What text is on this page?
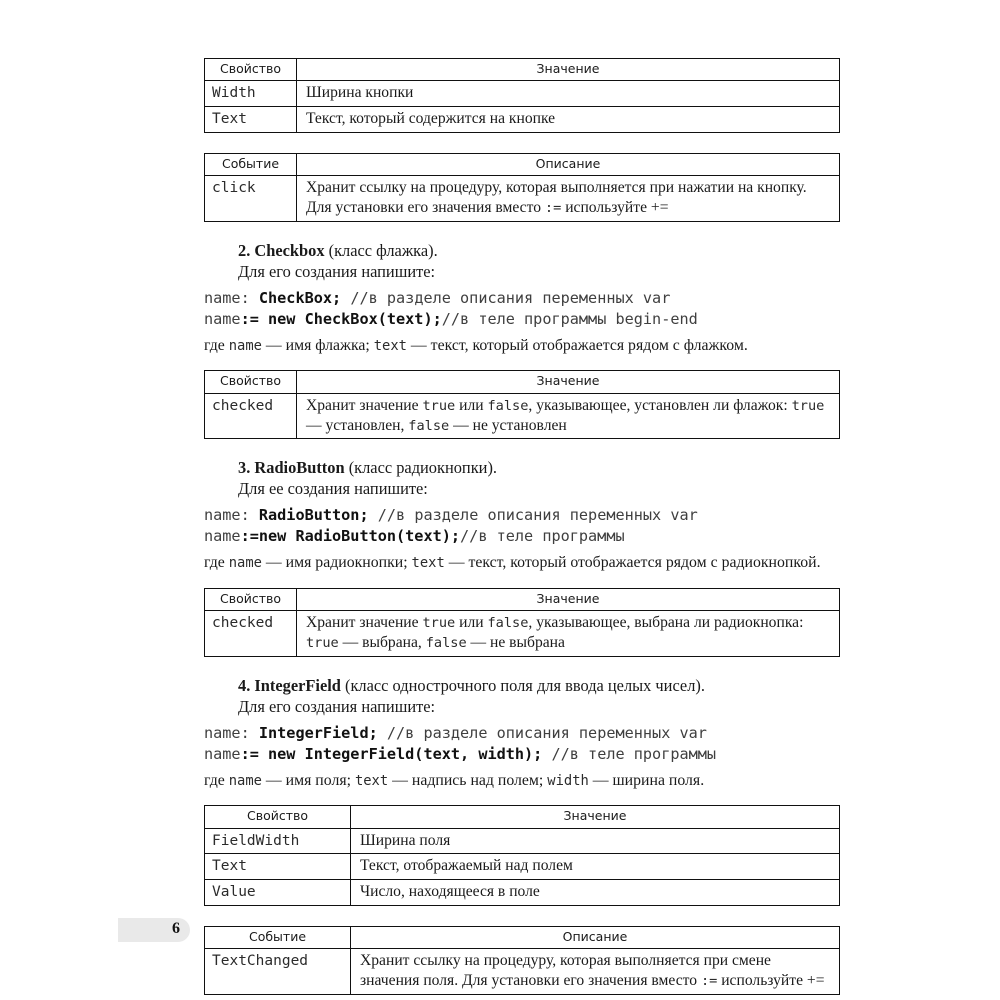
Свойство	Значение
Width	Ширина кнопки
Text	Текст, который содержится на кнопке
Событие	Описание
click	Хранит ссылку на процедуру, которая выполняется при нажатии на кнопку. Для установки его значения вместо := используйте +=

2. Checkbox (класс флажка).

Для его создания напишите:

name: CheckBox; //в разделе описания переменных var

name:= new CheckBox(text);//в теле программы begin-end

где name — имя флажка; text — текст, который отображается рядом с флажком.

Свойство	Значение
checked	Хранит значение true или false, указывающее, установлен ли флажок: true — установлен, false — не установлен

3. RadioButton (класс радиокнопки).

Для ее создания напишите:

name: RadioButton; //в разделе описания переменных var

name:=new RadioButton(text);//в теле программы

где name — имя радиокнопки; text — текст, который отображается рядом с радиокнопкой.

Свойство	Значение
checked	Хранит значение true или false, указывающее, выбрана ли радиокнопка: true — выбрана, false — не выбрана

4. IntegerField (класс однострочного поля для ввода целых чисел).

Для его создания напишите:

name: IntegerField; //в разделе описания переменных var

name:= new IntegerField(text, width); //в теле программы

где name — имя поля; text — надпись над полем; width — ширина поля.

Свойство	Значение
FieldWidth	Ширина поля
Text	Текст, отображаемый над полем
Value	Число, находящееся в поле
Событие	Описание
TextChanged	Хранит ссылку на процедуру, которая выполняется при смене значения поля. Для установки его значения вместо := используйте +=
6
